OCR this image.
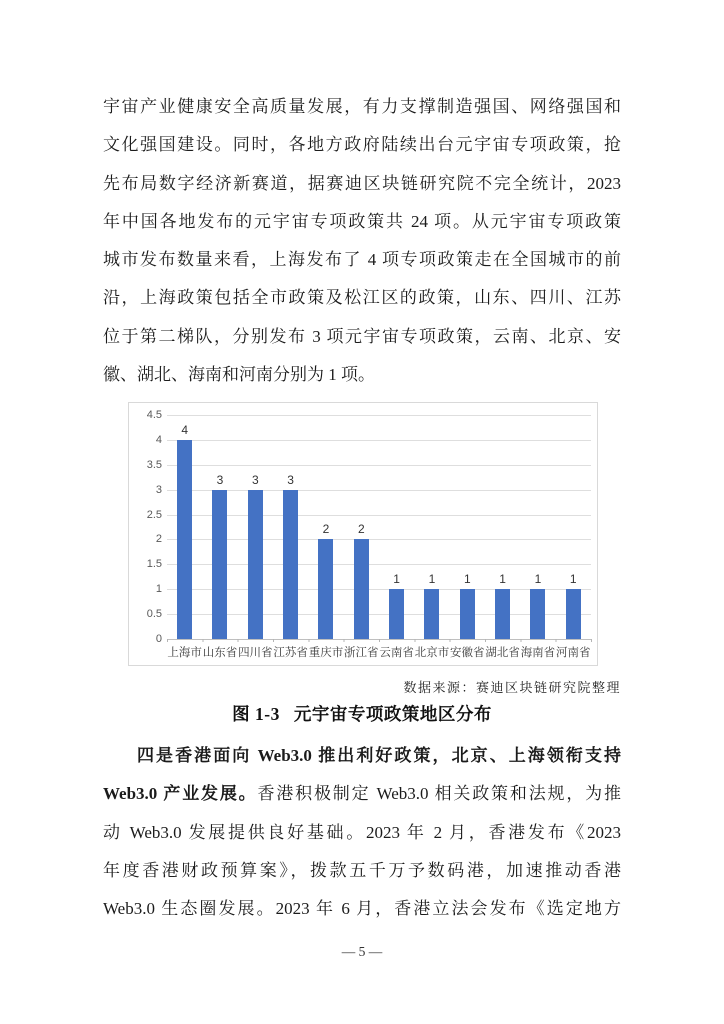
宇宙产业健康安全高质量发展，有力支撑制造强国、网络强国和
文化强国建设。同时，各地方政府陆续出台元宇宙专项政策，抢
先布局数字经济新赛道，据赛迪区块链研究院不完全统计，2023
年中国各地发布的元宇宙专项政策共 24 项。从元宇宙专项政策
城市发布数量来看，上海发布了 4 项专项政策走在全国城市的前
沿，上海政策包括全市政策及松江区的政策，山东、四川、江苏
位于第二梯队，分别发布 3 项元宇宙专项政策，云南、北京、安
徽、湖北、海南和河南分别为 1 项。
0
0.5
1
1.5
2
2.5
3
3.5
4
4.5
4
3	3	3
2	2
1	1	1	1	1	1
上海市 山东省 四川省 江苏省 重庆市 浙江省 云南省 北京市 安徽省 湖北省 海南省 河南省
数据来源：赛迪区块链研究院整理
图 1-3 元宇宙专项政策地区分布
四是香港面向 Web3.0 推出利好政策，北京、上海领衔支持
Web3.0 产业发展。香港积极制定 Web3.0 相关政策和法规，为推
动 Web3.0 发展提供良好基础。2023 年 2 月，香港发布《2023
年度香港财政预算案》，拨款五千万予数码港，加速推动香港
Web3.0 生态圈发展。2023 年 6 月，香港立法会发布《选定地方
— 5 —
